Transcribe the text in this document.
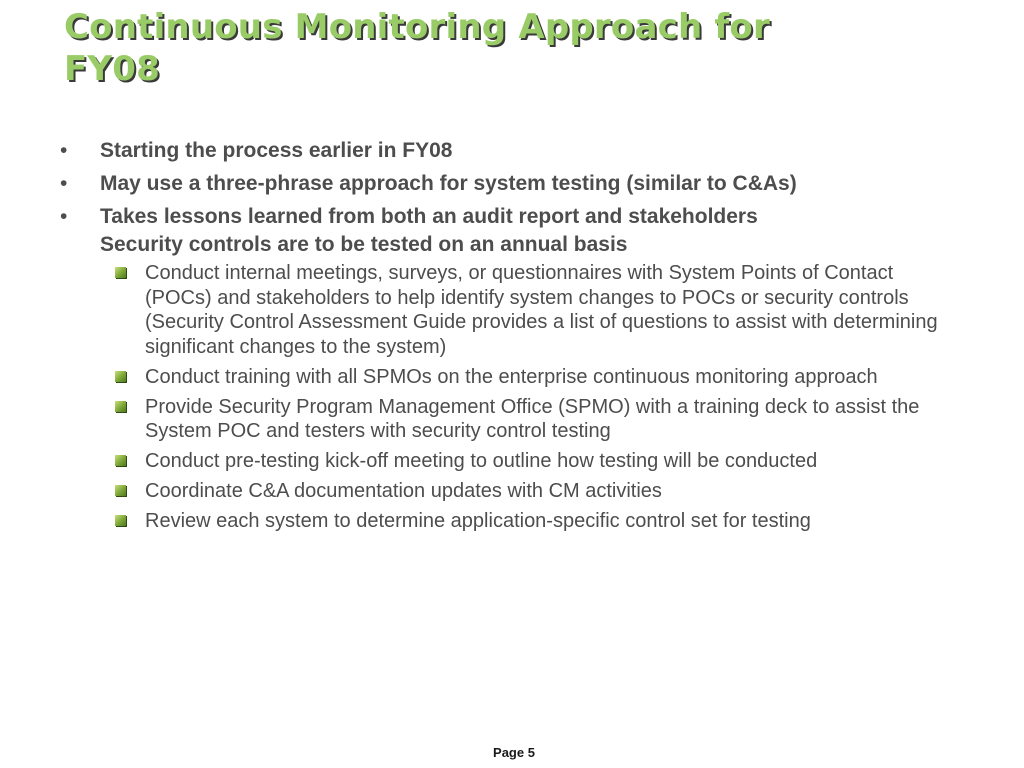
Continuous Monitoring Approach for
FY08
• Starting the process earlier in FY08
• May use a three-phrase approach for system testing (similar to C&As)
• Takes lessons learned from both an audit report and stakeholders
Security controls are to be tested on an annual basis
Conduct internal meetings, surveys, or questionnaires with System Points of Contact (POCs) and stakeholders to help identify system changes to POCs or security controls (Security Control Assessment Guide provides a list of questions to assist with determining significant changes to the system)
Conduct training with all SPMOs on the enterprise continuous monitoring approach
Provide Security Program Management Office (SPMO) with a training deck to assist the System POC and testers with security control testing
Conduct pre-testing kick-off meeting to outline how testing will be conducted
Coordinate C&A documentation updates with CM activities
Review each system to determine application-specific control set for testing
Page 5
